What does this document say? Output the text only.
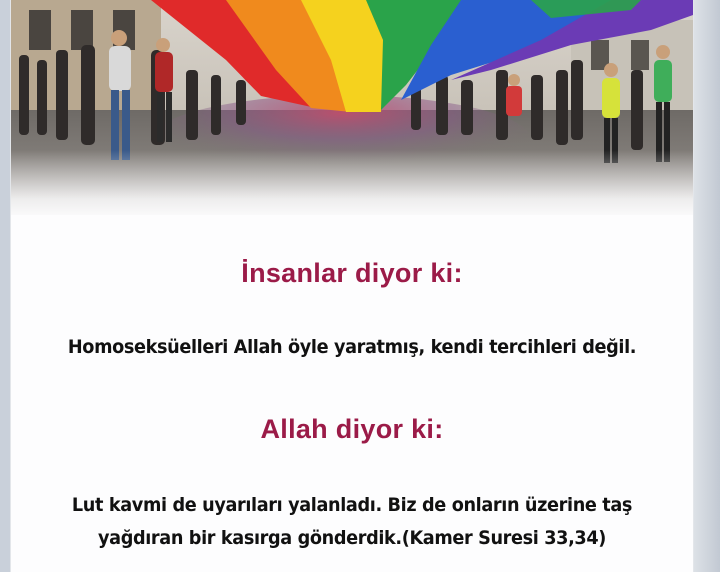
İnsanlar diyor ki:
Homoseksüelleri Allah öyle yaratmış, kendi tercihleri değil.
Allah diyor ki:
Lut kavmi de uyarıları yalanladı. Biz de onların üzerine taş
yağdıran bir kasırga gönderdik.(Kamer Suresi 33,34)
